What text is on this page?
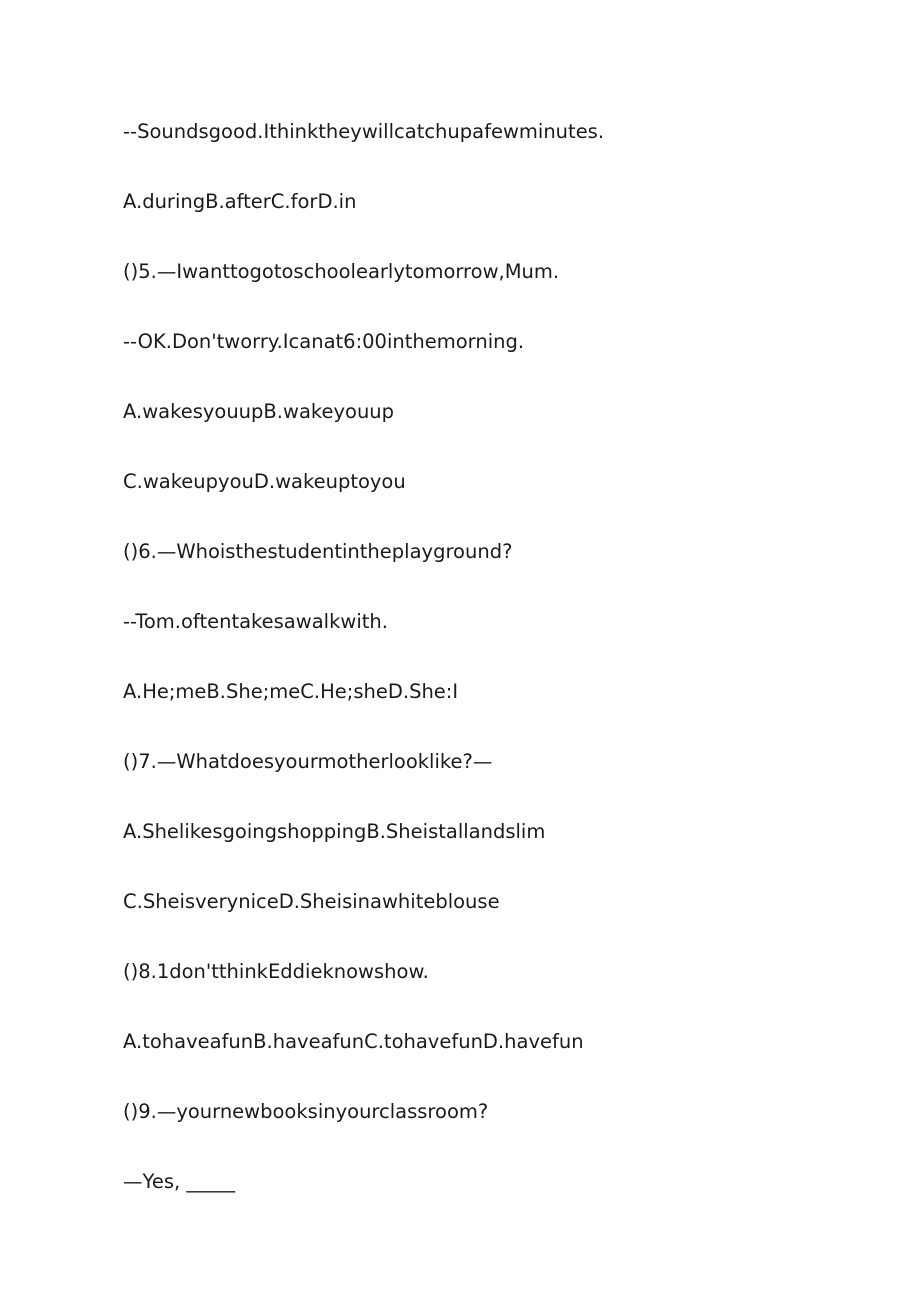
--Soundsgood.Ithinktheywillcatchupafewminutes.
A.duringB.afterC.forD.in
()5.—Iwanttogotoschoolearlytomorrow,Mum.
--OK.Don'tworry.Icanat6:00inthemorning.
A.wakesyouupB.wakeyouup
C.wakeupyouD.wakeuptoyou
()6.—Whoisthestudentintheplayground?
--Tom.oftentakesawalkwith.
A.He;meB.She;meC.He;sheD.She:I
()7.—Whatdoesyourmotherlooklike?—
A.ShelikesgoingshoppingB.Sheistallandslim
C.SheisveryniceD.Sheisinawhiteblouse
()8.1don'tthinkEddieknowshow.
A.tohaveafunB.haveafunC.tohavefunD.havefun
()9.—yournewbooksinyourclassroom?
—Yes, _____
